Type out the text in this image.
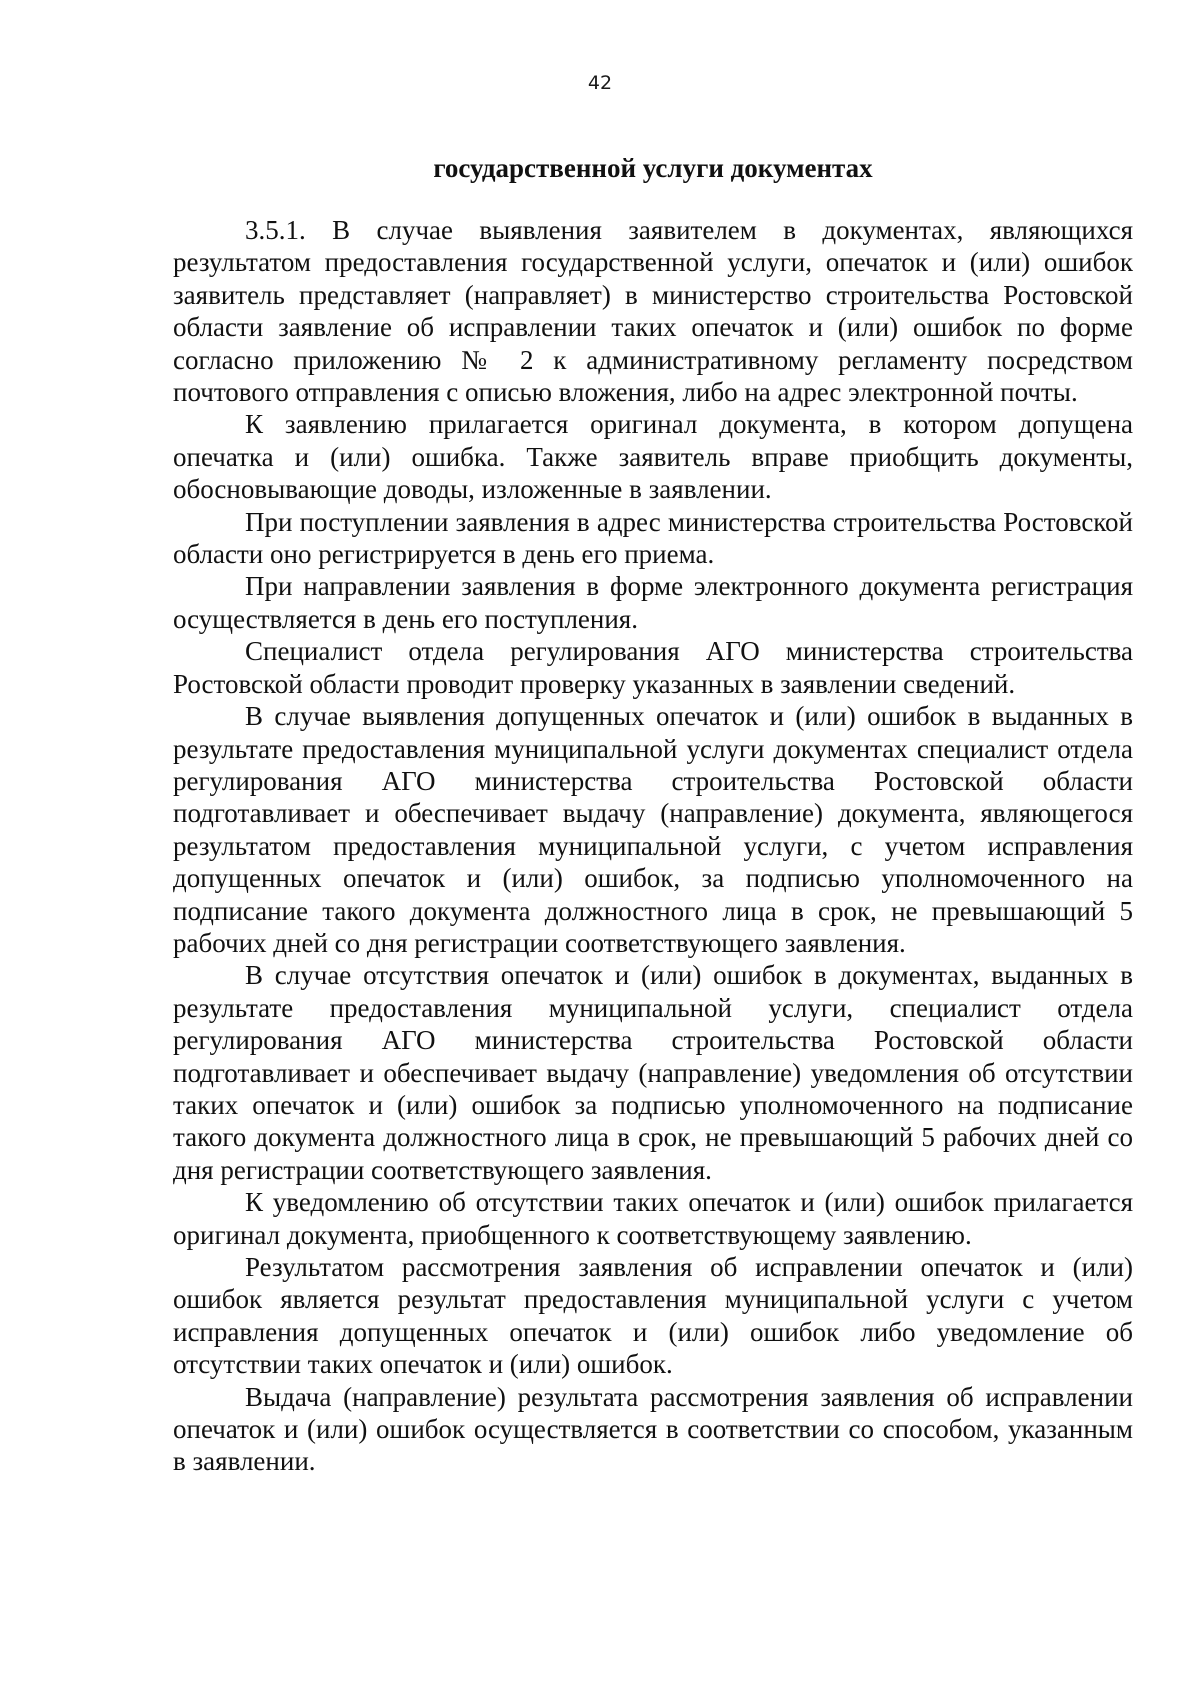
42

государственной услуги документах

3.5.1. В случае выявления заявителем в документах, являющихся результатом предоставления государственной услуги, опечаток и (или) ошибок заявитель представляет (направляет) в министерство строительства Ростовской области заявление об исправлении таких опечаток и (или) ошибок по форме согласно приложению № 2 к административному регламенту посредством почтового отправления с описью вложения, либо на адрес электронной почты.

К заявлению прилагается оригинал документа, в котором допущена опечатка и (или) ошибка. Также заявитель вправе приобщить документы, обосновывающие доводы, изложенные в заявлении.

При поступлении заявления в адрес министерства строительства Ростовской области оно регистрируется в день его приема.

При направлении заявления в форме электронного документа регистрация осуществляется в день его поступления.

Специалист отдела регулирования АГО министерства строительства Ростовской области проводит проверку указанных в заявлении сведений.

В случае выявления допущенных опечаток и (или) ошибок в выданных в результате предоставления муниципальной услуги документах специалист отдела регулирования АГО министерства строительства Ростовской области подготавливает и обеспечивает выдачу (направление) документа, являющегося результатом предоставления муниципальной услуги, с учетом исправления допущенных опечаток и (или) ошибок, за подписью уполномоченного на подписание такого документа должностного лица в срок, не превышающий 5 рабочих дней со дня регистрации соответствующего заявления.

В случае отсутствия опечаток и (или) ошибок в документах, выданных в результате предоставления муниципальной услуги, специалист отдела регулирования АГО министерства строительства Ростовской области подготавливает и обеспечивает выдачу (направление) уведомления об отсутствии таких опечаток и (или) ошибок за подписью уполномоченного на подписание такого документа должностного лица в срок, не превышающий 5 рабочих дней со дня регистрации соответствующего заявления.

К уведомлению об отсутствии таких опечаток и (или) ошибок прилагается оригинал документа, приобщенного к соответствующему заявлению.

Результатом рассмотрения заявления об исправлении опечаток и (или) ошибок является результат предоставления муниципальной услуги с учетом исправления допущенных опечаток и (или) ошибок либо уведомление об отсутствии таких опечаток и (или) ошибок.

Выдача (направление) результата рассмотрения заявления об исправлении опечаток и (или) ошибок осуществляется в соответствии со способом, указанным в заявлении.
